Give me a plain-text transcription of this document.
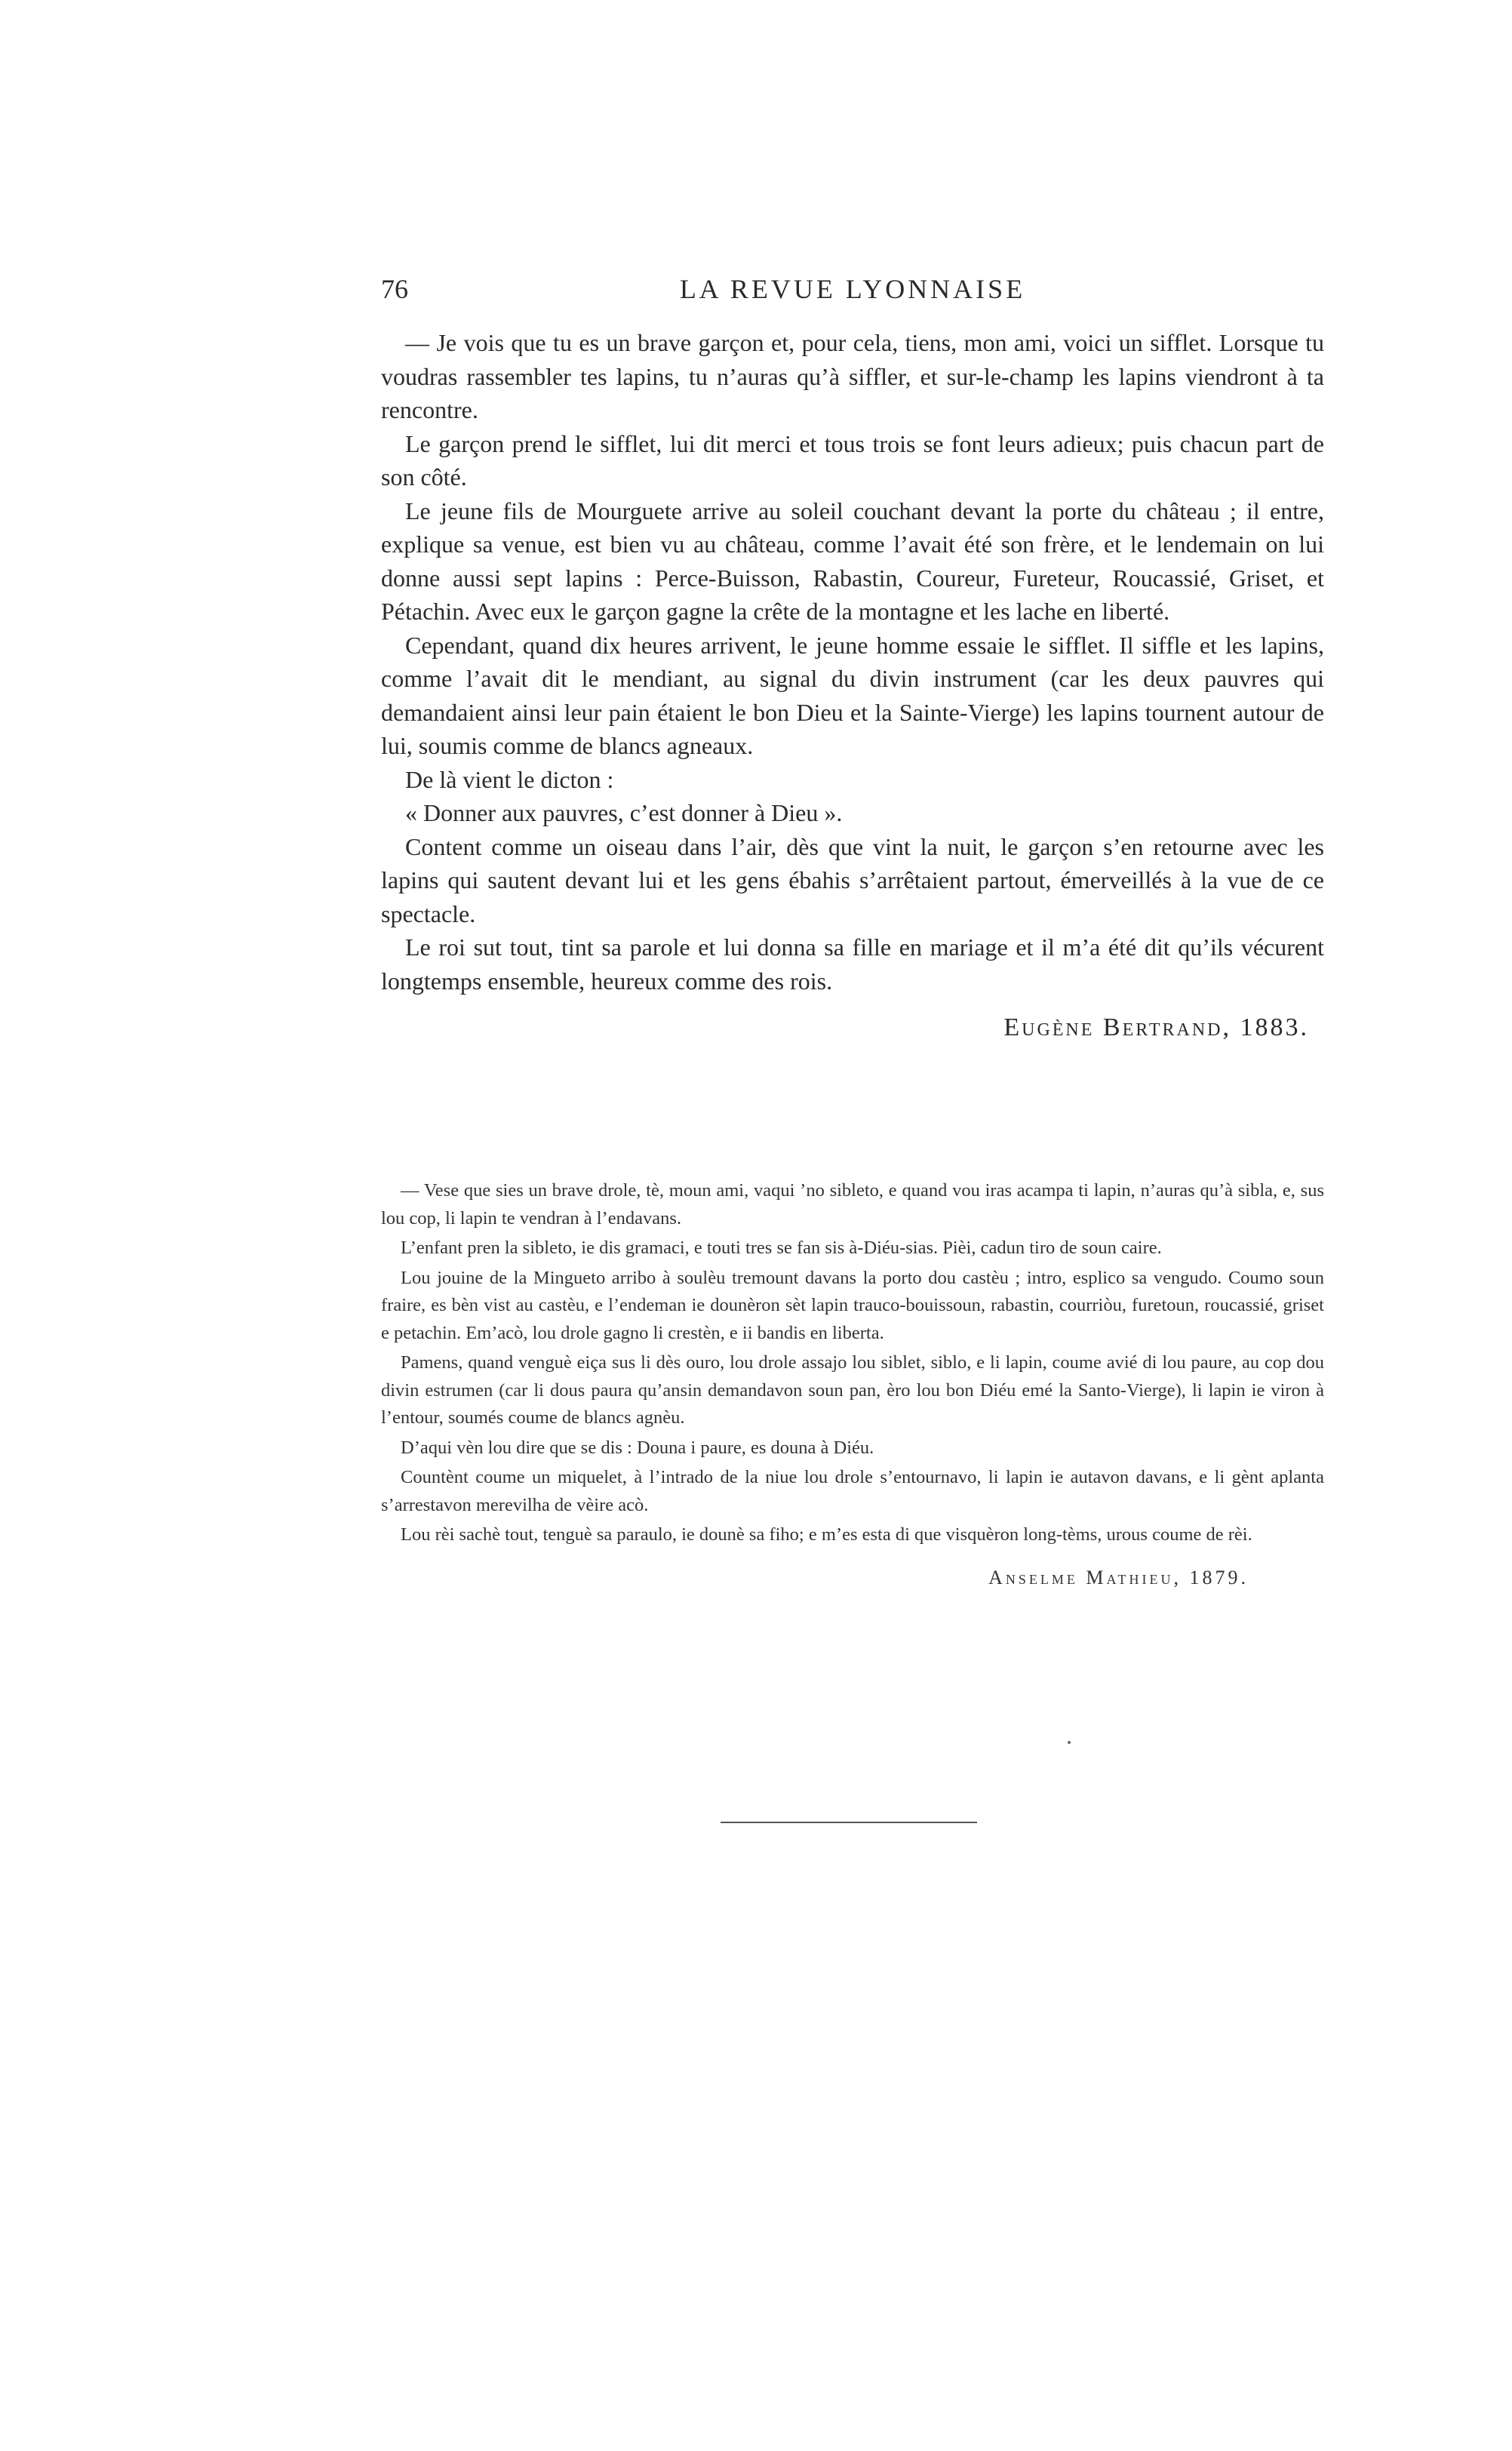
76	LA REVUE LYONNAISE

— Je vois que tu es un brave garçon et, pour cela, tiens, mon ami, voici un sifflet. Lorsque tu voudras rassembler tes lapins, tu n’auras qu’à siffler, et sur-le-champ les lapins viendront à ta rencontre.

Le garçon prend le sifflet, lui dit merci et tous trois se font leurs adieux; puis chacun part de son côté.

Le jeune fils de Mourguete arrive au soleil couchant devant la porte du château ; il entre, explique sa venue, est bien vu au château, comme l’avait été son frère, et le lendemain on lui donne aussi sept lapins : Perce-Buisson, Rabastin, Coureur, Fureteur, Roucassié, Griset, et Pétachin. Avec eux le garçon gagne la crête de la montagne et les lache en liberté.

Cependant, quand dix heures arrivent, le jeune homme essaie le sifflet. Il siffle et les lapins, comme l’avait dit le mendiant, au signal du divin instrument (car les deux pauvres qui demandaient ainsi leur pain étaient le bon Dieu et la Sainte-Vierge) les lapins tournent autour de lui, soumis comme de blancs agneaux.

De là vient le dicton :

« Donner aux pauvres, c’est donner à Dieu ».

Content comme un oiseau dans l’air, dès que vint la nuit, le garçon s’en retourne avec les lapins qui sautent devant lui et les gens ébahis s’arrêtaient partout, émerveillés à la vue de ce spectacle.

Le roi sut tout, tint sa parole et lui donna sa fille en mariage et il m’a été dit qu’ils vécurent longtemps ensemble, heureux comme des rois.

Eugène Bertrand, 1883.

— Vese que sies un brave drole, tè, moun ami, vaqui ’no sibleto, e quand vou iras acampa ti lapin, n’auras qu’à sibla, e, sus lou cop, li lapin te vendran à l’endavans.

L’enfant pren la sibleto, ie dis gramaci, e touti tres se fan sis à-Diéu-sias. Pièi, cadun tiro de soun caire.

Lou jouine de la Mingueto arribo à soulèu tremount davans la porto dou castèu ; intro, esplico sa vengudo. Coumo soun fraire, es bèn vist au castèu, e l’endeman ie dounèron sèt lapin trauco-bouissoun, rabastin, courriòu, furetoun, roucassié, griset e petachin. Em’acò, lou drole gagno li crestèn, e ii bandis en liberta.

Pamens, quand venguè eiça sus li dès ouro, lou drole assajo lou siblet, siblo, e li lapin, coume avié di lou paure, au cop dou divin estrumen (car li dous paura qu’ansin demandavon soun pan, èro lou bon Diéu emé la Santo-Vierge), li lapin ie viron à l’entour, soumés coume de blancs agnèu.

D’aqui vèn lou dire que se dis : Douna i paure, es douna à Diéu.

Countènt coume un miquelet, à l’intrado de la niue lou drole s’entournavo, li lapin ie autavon davans, e li gènt aplanta s’arrestavon merevilha de vèire acò.

Lou rèi sachè tout, tenguè sa paraulo, ie dounè sa fiho; e m’es esta di que visquèron long-tèms, urous coume de rèi.

Anselme Mathieu, 1879.
